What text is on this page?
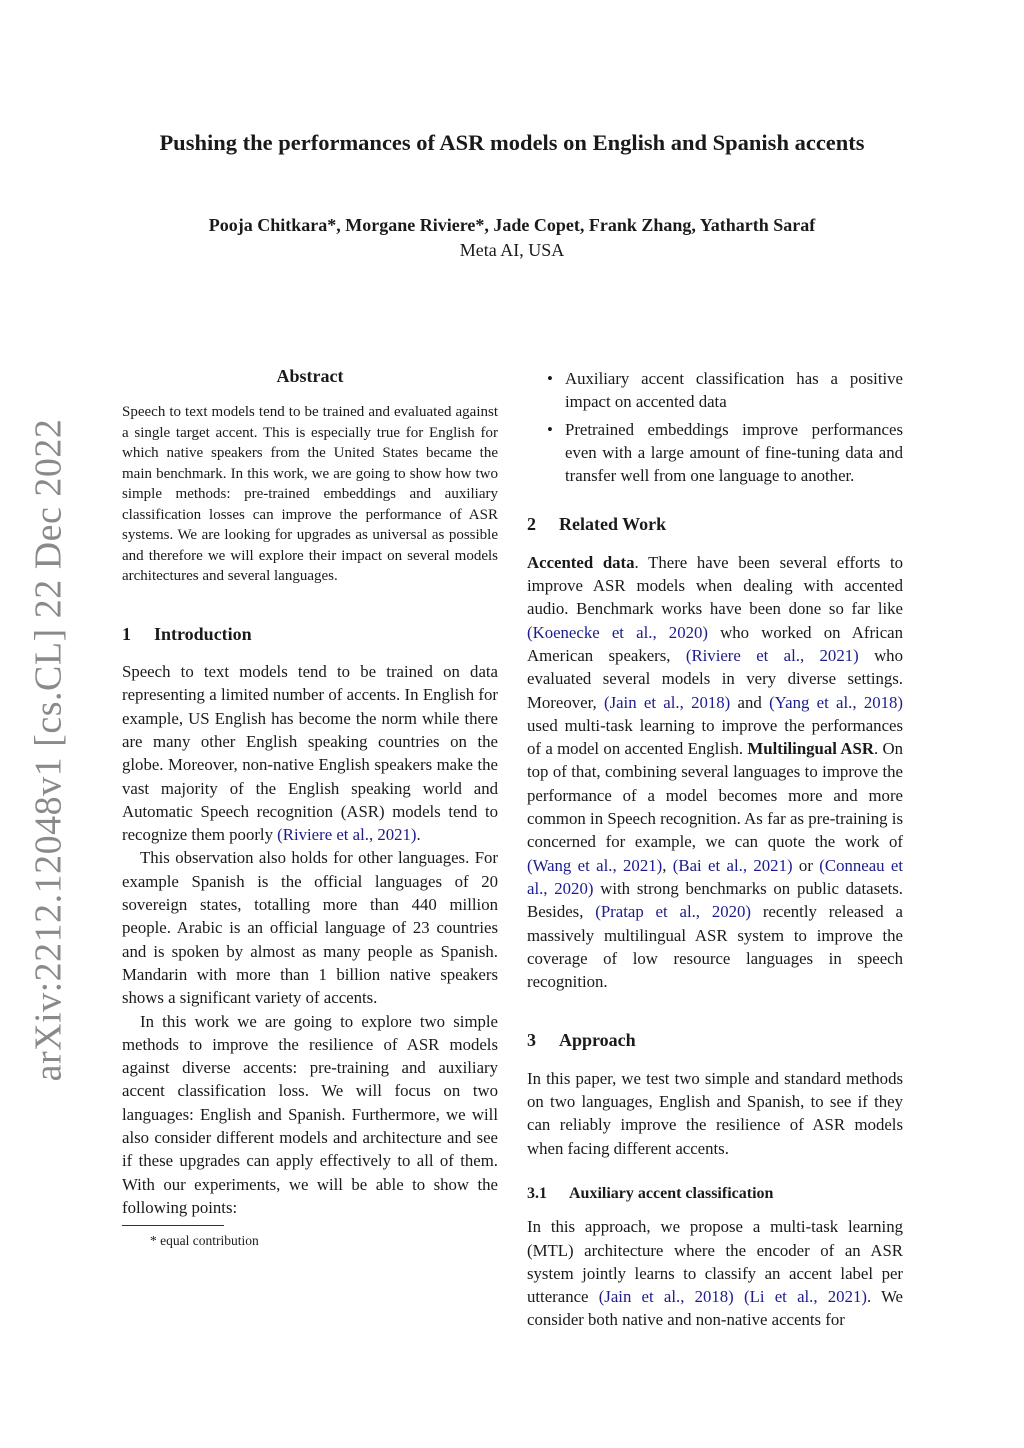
arXiv:2212.12048v1 [cs.CL] 22 Dec 2022
Pushing the performances of ASR models on English and Spanish accents
Pooja Chitkara*, Morgane Riviere*, Jade Copet, Frank Zhang, Yatharth Saraf
Meta AI, USA
Abstract

Speech to text models tend to be trained and evaluated against a single target accent. This is especially true for English for which native speakers from the United States became the main benchmark. In this work, we are going to show how two simple methods: pre-trained embeddings and auxiliary classification losses can improve the performance of ASR systems. We are looking for upgrades as universal as possible and therefore we will explore their impact on several models architectures and several languages.

1 Introduction

Speech to text models tend to be trained on data representing a limited number of accents. In English for example, US English has become the norm while there are many other English speaking countries on the globe. Moreover, non-native English speakers make the vast majority of the English speaking world and Automatic Speech recognition (ASR) models tend to recognize them poorly (Riviere et al., 2021).

This observation also holds for other languages. For example Spanish is the official languages of 20 sovereign states, totalling more than 440 million people. Arabic is an official language of 23 countries and is spoken by almost as many people as Spanish. Mandarin with more than 1 billion native speakers shows a significant variety of accents.

In this work we are going to explore two simple methods to improve the resilience of ASR models against diverse accents: pre-training and auxiliary accent classification loss. We will focus on two languages: English and Spanish. Furthermore, we will also consider different models and architecture and see if these upgrades can apply effectively to all of them. With our experiments, we will be able to show the following points:

* equal contribution
• Auxiliary accent classification has a positive impact on accented data
• Pretrained embeddings improve performances even with a large amount of fine-tuning data and transfer well from one language to another.
2 Related Work

Accented data. There have been several efforts to improve ASR models when dealing with accented audio. Benchmark works have been done so far like (Koenecke et al., 2020) who worked on African American speakers, (Riviere et al., 2021) who evaluated several models in very diverse settings. Moreover, (Jain et al., 2018) and (Yang et al., 2018) used multi-task learning to improve the performances of a model on accented English. Multilingual ASR. On top of that, combining several languages to improve the performance of a model becomes more and more common in Speech recognition. As far as pre-training is concerned for example, we can quote the work of (Wang et al., 2021), (Bai et al., 2021) or (Conneau et al., 2020) with strong benchmarks on public datasets. Besides, (Pratap et al., 2020) recently released a massively multilingual ASR system to improve the coverage of low resource languages in speech recognition.

3 Approach

In this paper, we test two simple and standard methods on two languages, English and Spanish, to see if they can reliably improve the resilience of ASR models when facing different accents.

3.1 Auxiliary accent classification

In this approach, we propose a multi-task learning (MTL) architecture where the encoder of an ASR system jointly learns to classify an accent label per utterance (Jain et al., 2018) (Li et al., 2021). We consider both native and non-native accents for
